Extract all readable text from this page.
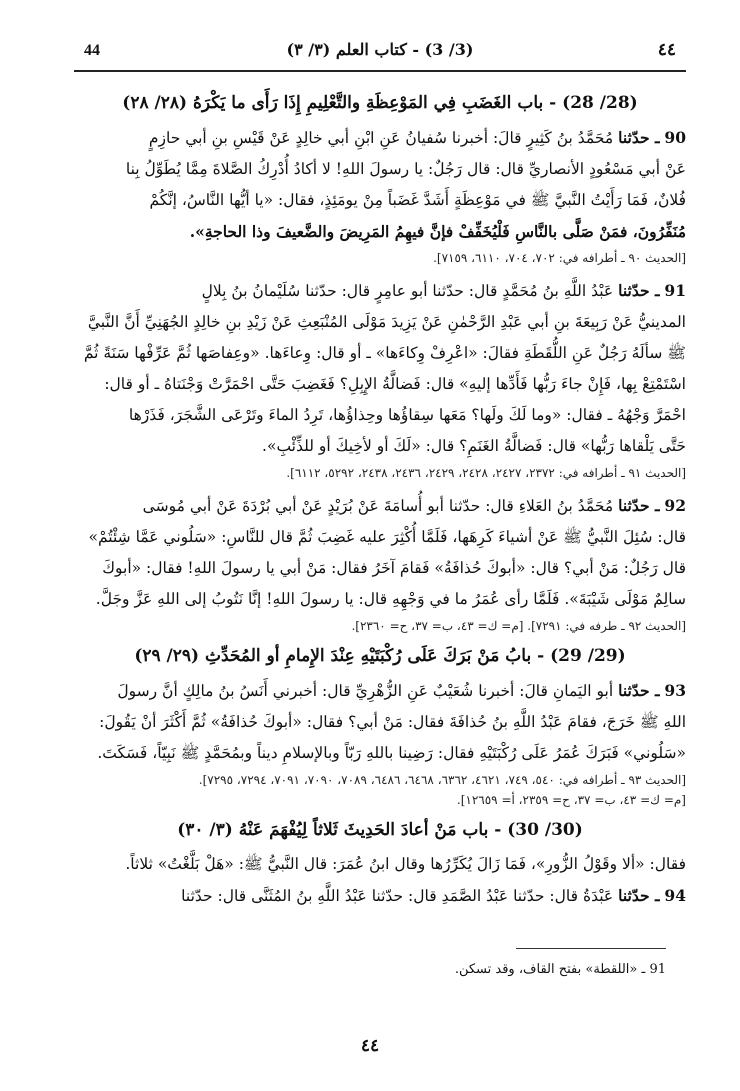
44	(3/ 3) - كتاب العلم (٣/ ٣)	٤٤
(28/ 28) - باب الغَضَبِ فِي المَوْعِظَةِ والتَّعْلِيمِ إِذَا رَأَى ما يَكْرَهُ (٢٨/ ٢٨)

90 ـ حدّثنا مُحَمَّدُ بنُ كَثِيرٍ قالَ: أخبرنا سُفيانُ عَنِ ابْنِ أبي خالِدٍ عَنْ قَيْسِ بنِ أبي حازِمٍ

عَنْ أبي مَسْعُودٍ الأنصاريِّ قال: قال رَجُلٌ: يا رسولَ اللهِ! لا أكادُ أُدْرِكُ الصَّلاةَ مِمَّا يُطَوِّلُ بِنا

فُلانٌ، فَمَا رَأَيْتُ النَّبيَّ ﷺ في مَوْعِظَةٍ أَشَدَّ غَضَباً مِنْ يومَئِذٍ، فقال: «يا أيُّها النَّاسُ، إنَّكُمْ

مُنَفِّرُونَ، فمَنْ صَلَّى بالنَّاسِ فَلْيُخَفِّفْ فإنَّ فيهِمُ المَرِيضَ والضَّعيفَ وذا الحاجةِ».

[الحديث ٩٠ ـ أطرافه في: ٧٠٢، ٧٠٤، ٦١١٠، ٧١٥٩].

91 ـ حدّثنا عَبْدُ اللَّهِ بنُ مُحَمَّدٍ قال: حدّثنا أبو عامِرٍ قال: حدّثنا سُلَيْمانُ بنُ بِلالٍ

المدينيُّ عَنْ رَبِيعَةَ بنِ أبي عَبْدِ الرَّحْمٰنِ عَنْ يَزِيدَ مَوْلَى المُنْبَعِثِ عَنْ زَيْدِ بنِ خالِدٍ الجُهَنِيِّ أَنَّ النَّبيَّ

ﷺ سألَهُ رَجُلٌ عَنِ اللُّقَطَةِ فقالَ: «اعْرِفْ وِكاءَها» ـ أو قال: وِعاءَها. «وعِفاصَها ثُمَّ عَرِّفْها سَنَةً ثُمَّ

اسْتَمْتِعْ بِها، فَإِنْ جاءَ رَبُّها فَأَدِّها إليهِ» قال: فَضالَّةُ الإِبِلِ؟ فَغَضِبَ حَتَّى احْمَرَّتْ وَجْنَتاهُ ـ أو قال:

احْمَرَّ وَجْهُهُ ـ فقال: «وما لَكَ ولَها؟ مَعَها سِقاؤُها وحِذاؤُها، تَرِدُ الماءَ وتَرْعَى الشَّجَرَ، فَذَرْها

حَتَّى يَلْقاها رَبُّها» قال: فَضالَّةُ الغَنَمِ؟ قال: «لَكَ أو لأخِيكَ أو للذِّئْبِ».

[الحديث ٩١ ـ أطرافه في: ٢٣٧٢، ٢٤٢٧، ٢٤٢٨، ٢٤٢٩، ٢٤٣٦، ٢٤٣٨، ٥٢٩٢، ٦١١٢].

92 ـ حدّثنا مُحَمَّدُ بنُ العَلاءِ قال: حدّثنا أبو أُسامَةَ عَنْ بُرَيْدٍ عَنْ أبي بُرْدَةَ عَنْ أبي مُوسَى

قال: سُئِلَ النَّبيُّ ﷺ عَنْ أشياءَ كَرِهَها، فَلَمَّا أُكْثِرَ عليه غَضِبَ ثُمَّ قال للنَّاسِ: «سَلُوني عَمَّا شِئْتُمْ»

قال رَجُلٌ: مَنْ أبي؟ قال: «أبوكَ حُذافَةُ» فَقامَ آخَرُ فقال: مَنْ أبي يا رسولَ اللهِ! فقال: «أبوكَ

سالِمٌ مَوْلَى شَيْبَةَ». فَلَمَّا رأى عُمَرُ ما في وَجْهِهِ قال: يا رسولَ اللهِ! إنَّا نَتُوبُ إلى اللهِ عَزَّ وجَلَّ.

[الحديث ٩٢ ـ طرفه في: ٧٢٩١]. [م= ك= ٤٣، ب= ٣٧، ح= ٢٣٦٠].
(29/ 29) - بابُ مَنْ بَرَكَ عَلَى رُكْبَتَيْهِ عِنْدَ الإِمامِ أو المُحَدِّثِ (٢٩/ ٢٩)

93 ـ حدّثنا أبو اليَمانِ قالَ: أخبرنا شُعَيْبٌ عَنِ الزُّهْرِيِّ قال: أخبرني أَنَسُ بنُ مالِكٍ أنَّ رسولَ

اللهِ ﷺ خَرَجَ، فقامَ عَبْدُ اللَّهِ بنُ حُذافَةَ فقال: مَنْ أبي؟ فقال: «أبوكَ حُذافَةُ» ثُمَّ أَكْثَرَ أنْ يَقُولَ:

«سَلُوني» فَبَرَكَ عُمَرُ عَلَى رُكْبَتَيْهِ فقال: رَضِينا باللهِ رَبّاً وبالإسلامِ ديناً وبمُحَمَّدٍ ﷺ نَبِيّاً، فَسَكَتَ.

[الحديث ٩٣ ـ أطرافه في: ٥٤٠، ٧٤٩، ٤٦٢١، ٦٣٦٢، ٦٤٦٨، ٦٤٨٦، ٧٠٨٩، ٧٠٩٠، ٧٠٩١، ٧٢٩٤، ٧٢٩٥].
[م= ك= ٤٣، ب= ٣٧، ح= ٢٣٥٩، أ= ١٢٦٥٩].
(30/ 30) - باب مَنْ أعادَ الحَدِيثَ ثَلاثاً لِيُفْهَمَ عَنْهُ (٣/ ٣٠)

فقال: «ألا وقَوْلُ الزُّورِ»، فَمَا زَالَ يُكَرِّرُها وقال ابنُ عُمَرَ: قال النَّبيُّ ﷺ: «هَلْ بَلَّغْتُ» ثلاثاً.

94 ـ حدّثنا عَبْدَةُ قال: حدّثنا عَبْدُ الصَّمَدِ قال: حدّثنا عَبْدُ اللَّهِ بنُ المُثَنَّى قال: حدّثنا

91 ـ «اللقطة» بفتح القاف، وقد تسكن.
٤٤
